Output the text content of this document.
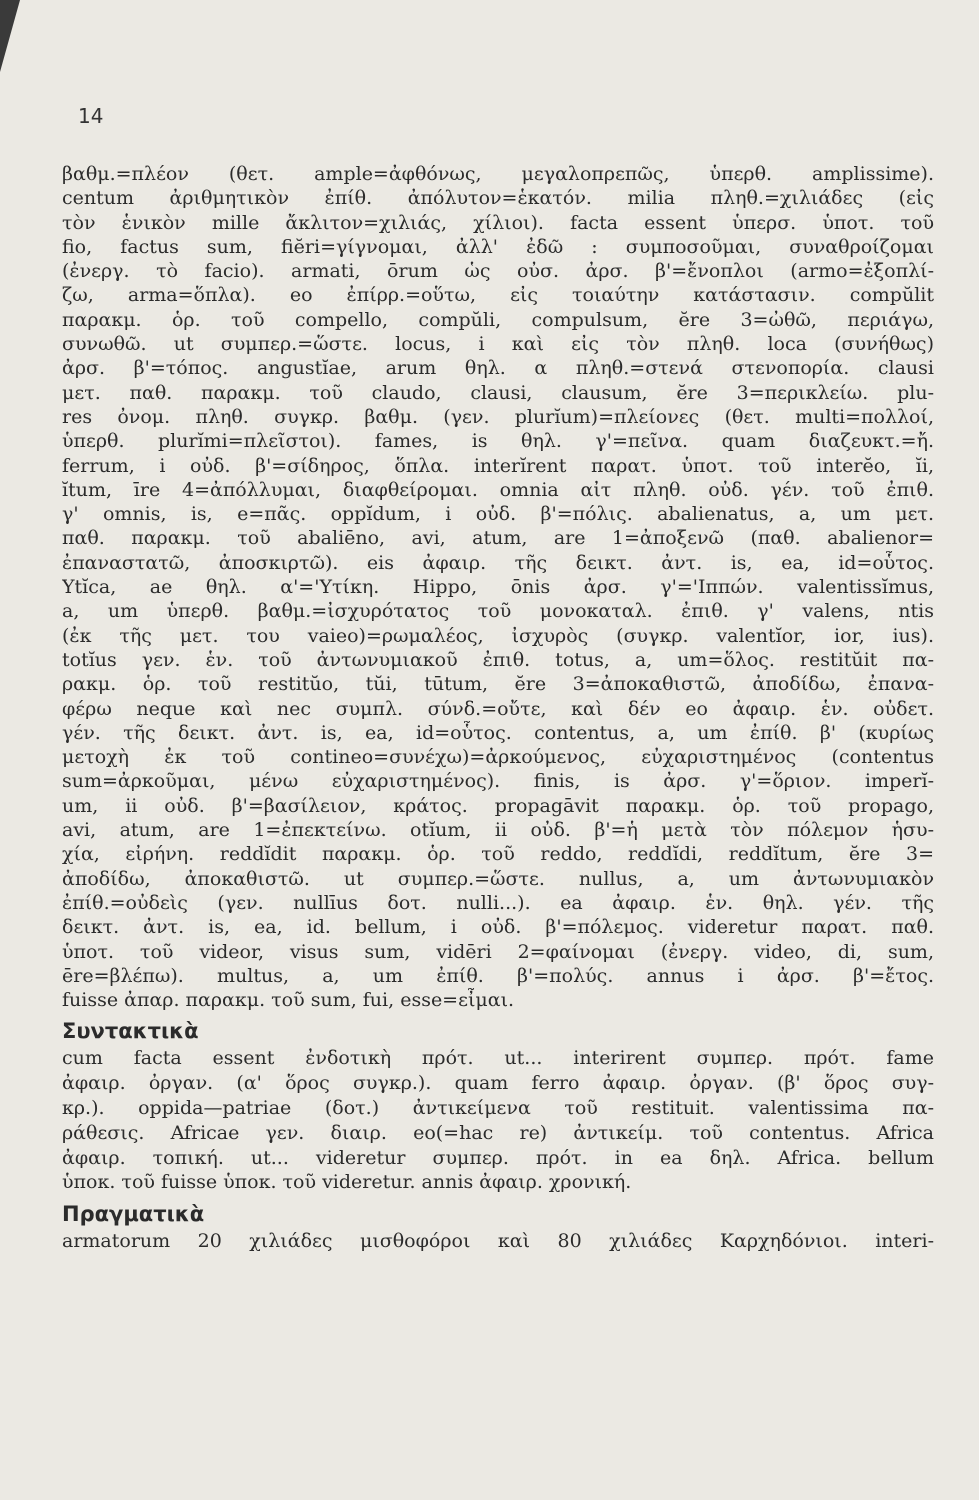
14
βαθμ.=πλέον (θετ. ample=ἀφθόνως, μεγαλοπρεπῶς, ὑπερθ. amplissime).
centum ἀριθμητικὸν ἐπίθ. ἀπόλυτον=ἑκατόν. milia πληθ.=χιλιάδες (εἰς
τὸν ἑνικὸν mille ἄκλιτον=χιλιάς, χίλιοι). facta essent ὑπερσ. ὑποτ. τοῦ
fio, factus sum, fiĕri=γίγνομαι, ἀλλ' ἐδῶ : συμποσοῦμαι, συναθροίζομαι
(ἐνεργ. τὸ facio). armati, ōrum ὡς οὐσ. ἀρσ. β'=ἔνοπλοι (armo=ἐξοπλί-
ζω, arma=ὅπλα). eo ἐπίρρ.=οὕτω, εἰς τοιαύτην κατάστασιν. compŭlit
παρακμ. ὁρ. τοῦ compello, compŭli, compulsum, ĕre 3=ὠθῶ, περιάγω,
συνωθῶ. ut συμπερ.=ὥστε. locus, i καὶ εἰς τὸν πληθ. loca (συνήθως)
ἀρσ. β'=τόπος. angustĭae, arum θηλ. α πληθ.=στενά στενοπορία. clausi
μετ. παθ. παρακμ. τοῦ claudo, clausi, clausum, ĕre 3=περικλείω. plu-
res ὀνομ. πληθ. συγκρ. βαθμ. (γεν. plurĭum)=πλείονες (θετ. multi=πολλοί,
ὑπερθ. plurĭmi=πλεῖστοι). fames, is θηλ. γ'=πεῖνα. quam διαζευκτ.=ἤ.
ferrum, i οὐδ. β'=σίδηρος, ὅπλα. interĭrent παρατ. ὑποτ. τοῦ interĕo, ĭi,
ĭtum, īre 4=ἀπόλλυμαι, διαφθείρομαι. omnia αἰτ πληθ. οὐδ. γέν. τοῦ ἐπιθ.
γ' omnis, is, e=πᾶς. oppĭdum, i οὐδ. β'=πόλις. abalienatus, a, um μετ.
παθ. παρακμ. τοῦ abaliēno, avi, atum, are 1=ἀποξενῶ (παθ. abalienor=
ἐπαναστατῶ, ἀποσκιρτῶ). eis ἀφαιρ. τῆς δεικτ. ἀντ. is, ea, id=οὗτος.
Ytĭca, ae θηλ. α'='Υτίκη. Hippo, ōnis ἀρσ. γ'='Ιππών. valentissĭmus,
a, um ὑπερθ. βαθμ.=ἰσχυρότατος τοῦ μονοκαταλ. ἐπιθ. γ' valens, ntis
(ἐκ τῆς μετ. του vaieo)=ρωμαλέος, ἰσχυρὸς (συγκρ. valentĭor, ior, ius).
totĭus γεν. ἑν. τοῦ ἀντωνυμιακοῦ ἐπιθ. totus, a, um=ὅλος. restitŭit πα-
ρακμ. ὁρ. τοῦ restitŭo, tŭi, tūtum, ĕre 3=ἀποκαθιστῶ, ἀποδίδω, ἐπανα-
φέρω neque καὶ nec συμπλ. σύνδ.=οὔτε, καὶ δέν eo ἀφαιρ. ἑν. οὐδετ.
γέν. τῆς δεικτ. ἀντ. is, ea, id=οὗτος. contentus, a, um ἐπίθ. β' (κυρίως
μετοχὴ ἐκ τοῦ contineo=συνέχω)=ἀρκούμενος, εὐχαριστημένος (contentus
sum=ἀρκοῦμαι, μένω εὐχαριστημένος). finis, is ἀρσ. γ'=ὅριον. imperĭ-
um, ii οὐδ. β'=βασίλειον, κράτος. propagāvit παρακμ. ὁρ. τοῦ propago,
avi, atum, are 1=ἐπεκτείνω. otĭum, ii οὐδ. β'=ἡ μετὰ τὸν πόλεμον ἡσυ-
χία, εἰρήνη. reddĭdit παρακμ. ὁρ. τοῦ reddo, reddĭdi, reddĭtum, ĕre 3=
ἀποδίδω, ἀποκαθιστῶ. ut συμπερ.=ὥστε. nullus, a, um ἀντωνυμιακὸν
ἐπίθ.=οὐδεὶς (γεν. nullīus δοτ. nulli...). ea ἀφαιρ. ἑν. θηλ. γέν. τῆς
δεικτ. ἀντ. is, ea, id. bellum, i οὐδ. β'=πόλεμος. videretur παρατ. παθ.
ὑποτ. τοῦ videor, visus sum, vidēri 2=φαίνομαι (ἐνεργ. video, di, sum,
ēre=βλέπω). multus, a, um ἐπίθ. β'=πολύς. annus i ἀρσ. β'=ἔτος.
fuisse ἀπαρ. παρακμ. τοῦ sum, fui, esse=εἶμαι.
Συντακτικὰ
cum facta essent ἐνδοτικὴ πρότ. ut... interirent συμπερ. πρότ. fame
ἀφαιρ. ὀργαν. (α' ὅρος συγκρ.). quam ferro ἀφαιρ. ὀργαν. (β' ὅρος συγ-
κρ.). oppida—patriae (δοτ.) ἀντικείμενα τοῦ restituit. valentissima πα-
ράθεσις. Africae γεν. διαιρ. eo(=hac re) ἀντικείμ. τοῦ contentus. Africa
ἀφαιρ. τοπική. ut... videretur συμπερ. πρότ. in ea δηλ. Africa. bellum
ὑποκ. τοῦ fuisse ὑποκ. τοῦ videretur. annis ἀφαιρ. χρονική.
Πραγματικὰ
armatorum 20 χιλιάδες μισθοφόροι καὶ 80 χιλιάδες Καρχηδόνιοι. interi-
